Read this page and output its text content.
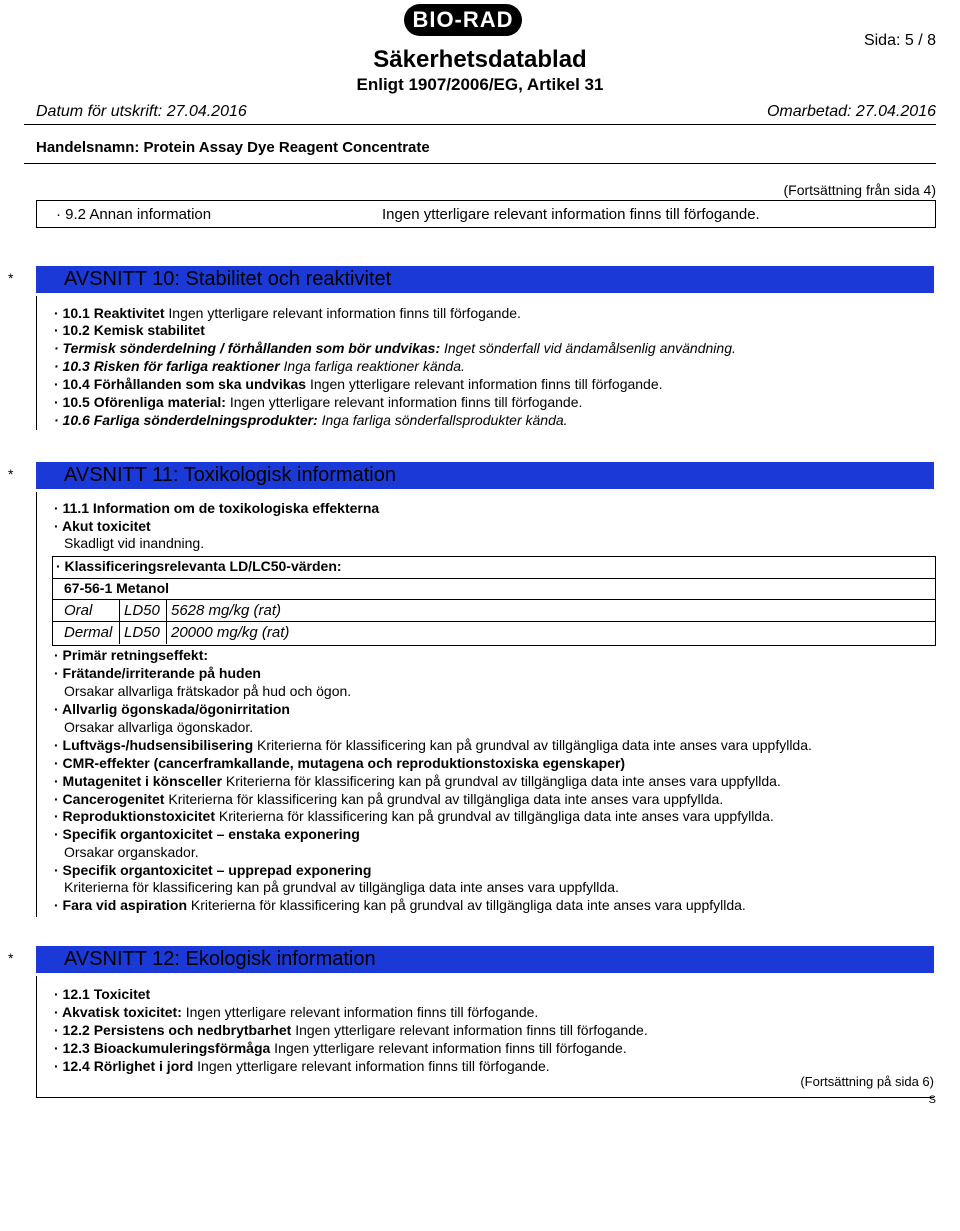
BIO-RAD
Sida: 5 / 8
Säkerhetsdatablad
Enligt 1907/2006/EG, Artikel 31
Datum för utskrift: 27.04.2016	Omarbetad: 27.04.2016
Handelsnamn: Protein Assay Dye Reagent Concentrate
(Fortsättning från sida 4)
· 9.2 Annan information	Ingen ytterligare relevant information finns till förfogande.
*	AVSNITT 10: Stabilitet och reaktivitet
· 10.1 Reaktivitet Ingen ytterligare relevant information finns till förfogande.
· 10.2 Kemisk stabilitet
· Termisk sönderdelning / förhållanden som bör undvikas: Inget sönderfall vid ändamålsenlig användning.
· 10.3 Risken för farliga reaktioner Inga farliga reaktioner kända.
· 10.4 Förhållanden som ska undvikas Ingen ytterligare relevant information finns till förfogande.
· 10.5 Oförenliga material: Ingen ytterligare relevant information finns till förfogande.
· 10.6 Farliga sönderdelningsprodukter: Inga farliga sönderfallsprodukter kända.
*	AVSNITT 11: Toxikologisk information
· 11.1 Information om de toxikologiska effekterna
· Akut toxicitet
Skadligt vid inandning.
· Klassificeringsrelevanta LD/LC50-värden:
67-56-1 Metanol
Oral LD50 5628 mg/kg (rat)
Dermal LD50 20000 mg/kg (rat)
· Primär retningseffekt:
· Frätande/irriterande på huden
Orsakar allvarliga frätskador på hud och ögon.
· Allvarlig ögonskada/ögonirritation
Orsakar allvarliga ögonskador.
· Luftvägs-/hudsensibilisering Kriterierna för klassificering kan på grundval av tillgängliga data inte anses vara uppfyllda.
· CMR-effekter (cancerframkallande, mutagena och reproduktionstoxiska egenskaper)
· Mutagenitet i könsceller Kriterierna för klassificering kan på grundval av tillgängliga data inte anses vara uppfyllda.
· Cancerogenitet Kriterierna för klassificering kan på grundval av tillgängliga data inte anses vara uppfyllda.
· Reproduktionstoxicitet Kriterierna för klassificering kan på grundval av tillgängliga data inte anses vara uppfyllda.
· Specifik organtoxicitet – enstaka exponering
Orsakar organskador.
· Specifik organtoxicitet – upprepad exponering
Kriterierna för klassificering kan på grundval av tillgängliga data inte anses vara uppfyllda.
· Fara vid aspiration Kriterierna för klassificering kan på grundval av tillgängliga data inte anses vara uppfyllda.
*	AVSNITT 12: Ekologisk information
· 12.1 Toxicitet
· Akvatisk toxicitet: Ingen ytterligare relevant information finns till förfogande.
· 12.2 Persistens och nedbrytbarhet Ingen ytterligare relevant information finns till förfogande.
· 12.3 Bioackumuleringsförmåga Ingen ytterligare relevant information finns till förfogande.
· 12.4 Rörlighet i jord Ingen ytterligare relevant information finns till förfogande.
(Fortsättning på sida 6)
S
